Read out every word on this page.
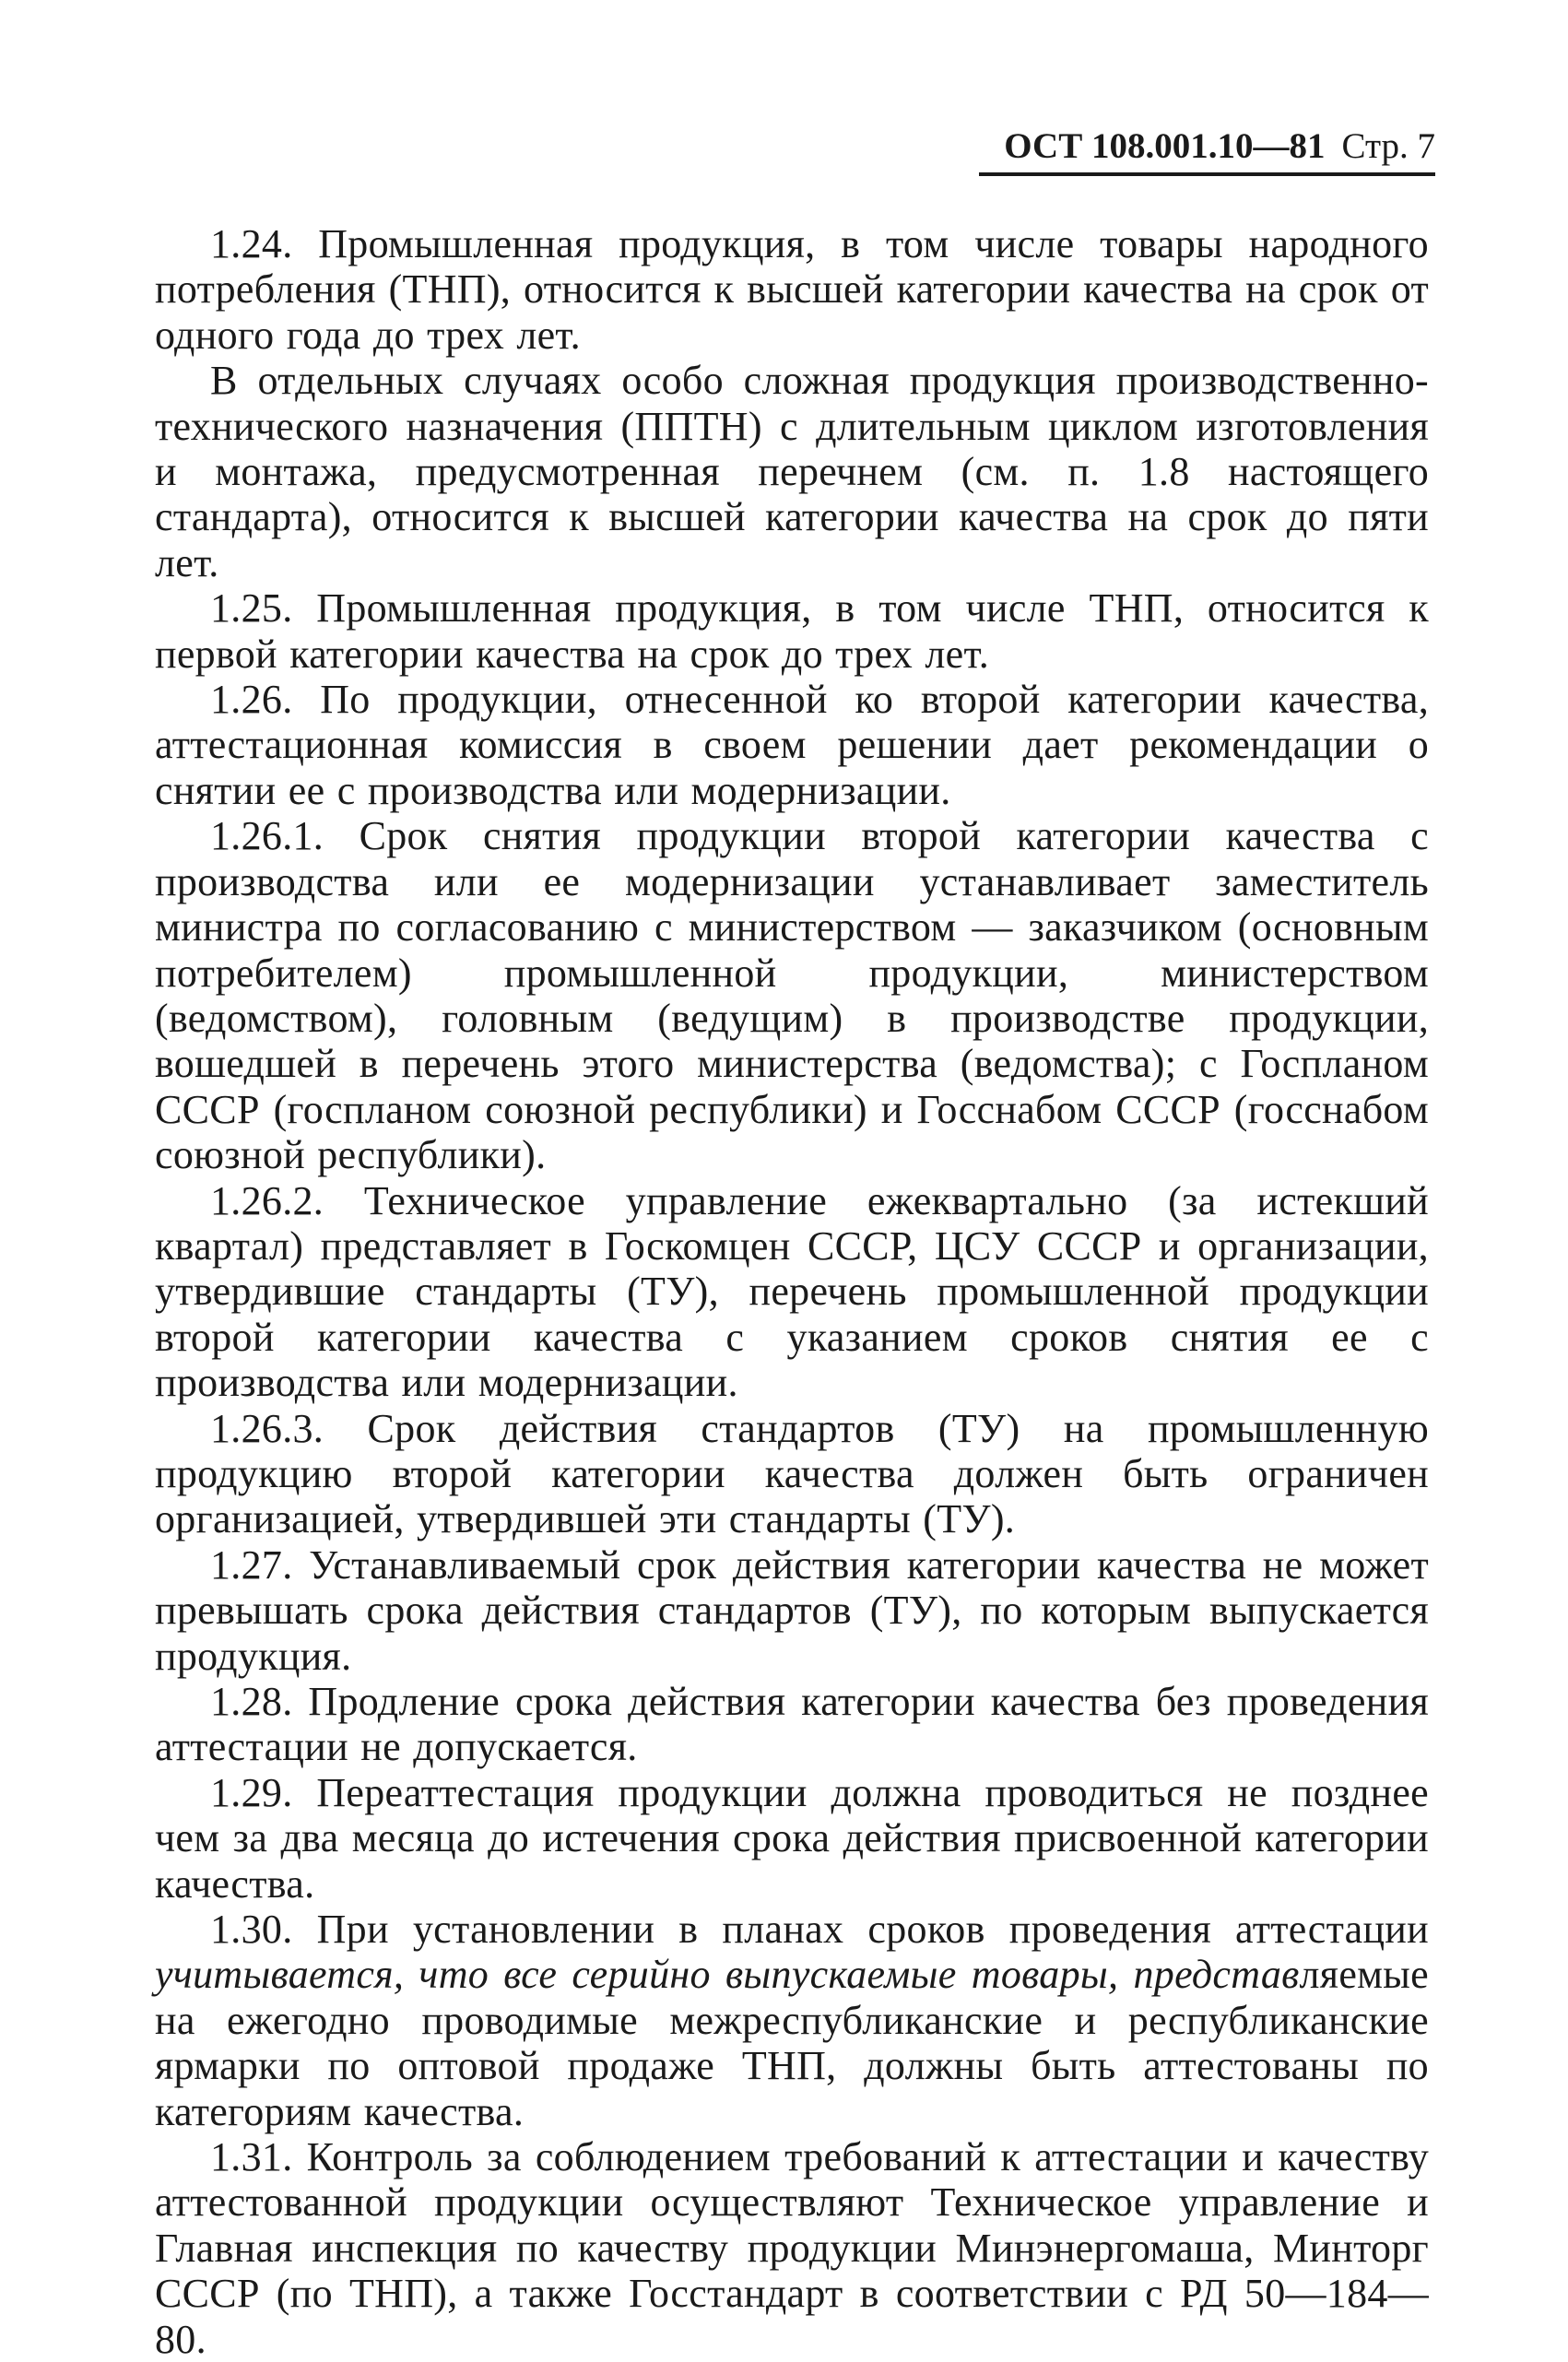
ОСТ 108.001.10—81 Стр. 7

1.24. Промышленная продукция, в том числе товары народного потребления (ТНП), относится к высшей категории качества на срок от одного года до трех лет.

В отдельных случаях особо сложная продукция производственно-технического назначения (ППТН) с длительным циклом изготовления и монтажа, предусмотренная перечнем (см. п. 1.8 настоящего стандарта), относится к высшей категории качества на срок до пяти лет.

1.25. Промышленная продукция, в том числе ТНП, относится к первой категории качества на срок до трех лет.

1.26. По продукции, отнесенной ко второй категории качества, аттестационная комиссия в своем решении дает рекомендации о снятии ее с производства или модернизации.

1.26.1. Срок снятия продукции второй категории качества с производства или ее модернизации устанавливает заместитель министра по согласованию с министерством — заказчиком (основным потребителем) промышленной продукции, министерством (ведомством), головным (ведущим) в производстве продукции, вошедшей в перечень этого министерства (ведомства); с Госпланом СССР (госпланом союзной республики) и Госснабом СССР (госснабом союзной республики).

1.26.2. Техническое управление ежеквартально (за истекший квартал) представляет в Госкомцен СССР, ЦСУ СССР и организации, утвердившие стандарты (ТУ), перечень промышленной продукции второй категории качества с указанием сроков снятия ее с производства или модернизации.

1.26.3. Срок действия стандартов (ТУ) на промышленную продукцию второй категории качества должен быть ограничен организацией, утвердившей эти стандарты (ТУ).

1.27. Устанавливаемый срок действия категории качества не может превышать срока действия стандартов (ТУ), по которым выпускается продукция.

1.28. Продление срока действия категории качества без проведения аттестации не допускается.

1.29. Переаттестация продукции должна проводиться не позднее чем за два месяца до истечения срока действия присвоенной категории качества.

1.30. При установлении в планах сроков проведения аттестации учитывается, что все серийно выпускаемые товары, представляемые на ежегодно проводимые межреспубликанские и республиканские ярмарки по оптовой продаже ТНП, должны быть аттестованы по категориям качества.

1.31. Контроль за соблюдением требований к аттестации и качеству аттестованной продукции осуществляют Техническое управление и Главная инспекция по качеству продукции Минэнергомаша, Минторг СССР (по ТНП), а также Госстандарт в соответствии с РД 50—184—80.
